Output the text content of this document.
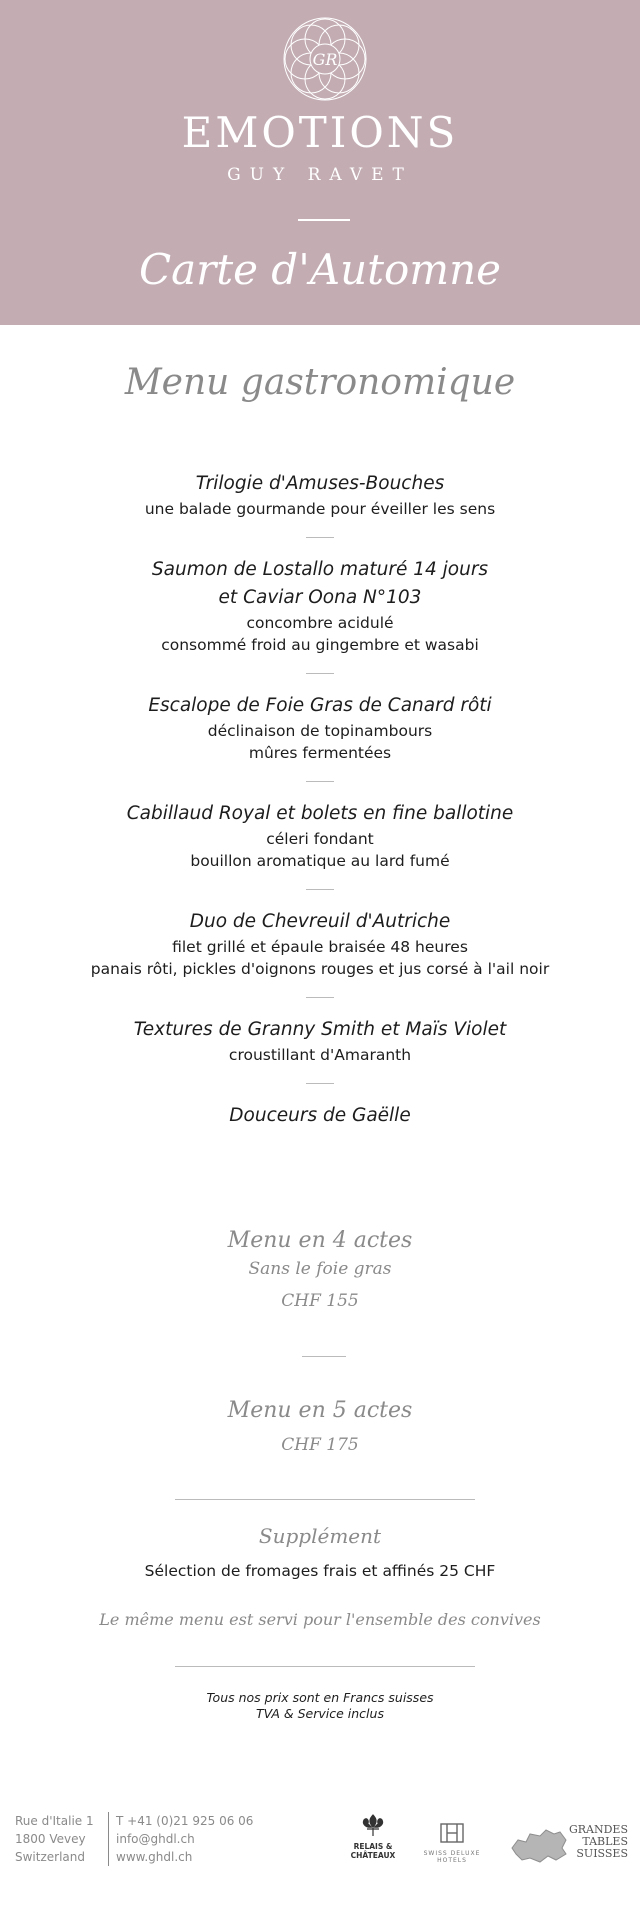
GR
EMOTIONS
GUY RAVET
Carte d'Automne
Menu gastronomique
Trilogie d'Amuses-Bouches
une balade gourmande pour éveiller les sens
Saumon de Lostallo maturé 14 jours
et Caviar Oona N°103
concombre acidulé
consommé froid au gingembre et wasabi
Escalope de Foie Gras de Canard rôti
déclinaison de topinambours
mûres fermentées
Cabillaud Royal et bolets en fine ballotine
céleri fondant
bouillon aromatique au lard fumé
Duo de Chevreuil d'Autriche
filet grillé et épaule braisée 48 heures
panais rôti, pickles d'oignons rouges et jus corsé à l'ail noir
Textures de Granny Smith et Maïs Violet
croustillant d'Amaranth
Douceurs de Gaëlle
Menu en 4 actes
Sans le foie gras
CHF 155
Menu en 5 actes
CHF 175
Supplément
Sélection de fromages frais et affinés 25 CHF
Le même menu est servi pour l'ensemble des convives
Tous nos prix sont en Francs suisses
TVA & Service inclus
Rue d'Italie 1
1800 Vevey
Switzerland
T +41 (0)21 925 06 06
info@ghdl.ch
www.ghdl.ch
RELAIS &
CHÂTEAUX	SWISS DELUXE HOTELS
GRANDES
TABLES
SUISSES
